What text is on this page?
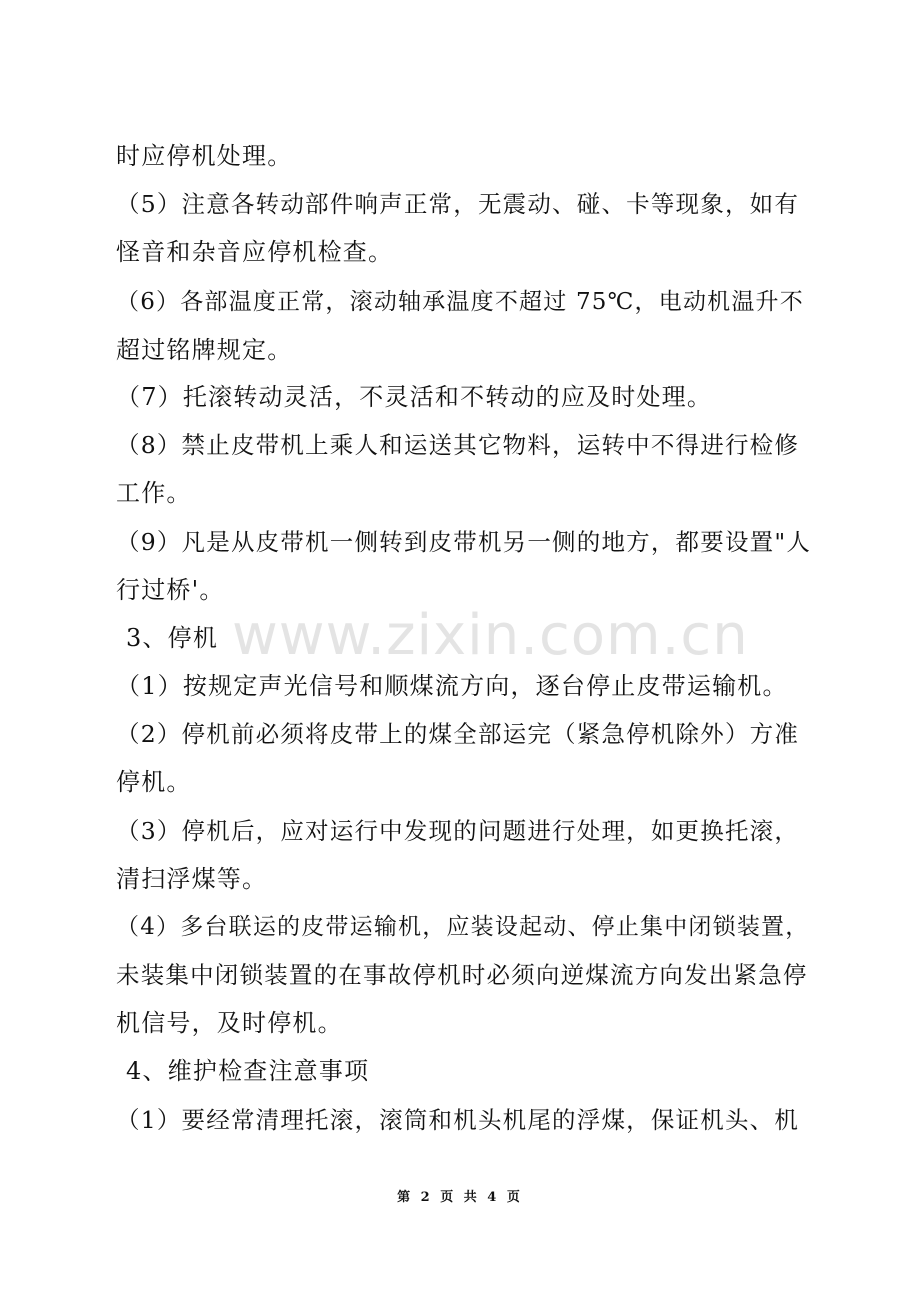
www.zixin.com.cn
时应停机处理。
（5）注意各转动部件响声正常，无震动、碰、卡等现象，如有
怪音和杂音应停机检查。
（6）各部温度正常，滚动轴承温度不超过 75℃，电动机温升不
超过铭牌规定。
（7）托滚转动灵活，不灵活和不转动的应及时处理。
（8）禁止皮带机上乘人和运送其它物料，运转中不得进行检修
工作。
（9）凡是从皮带机一侧转到皮带机另一侧的地方，都要设置"人
行过桥'。
3、停机
（1）按规定声光信号和顺煤流方向，逐台停止皮带运输机。
（2）停机前必须将皮带上的煤全部运完（紧急停机除外）方准
停机。
（3）停机后，应对运行中发现的问题进行处理，如更换托滚，
清扫浮煤等。
（4）多台联运的皮带运输机，应装设起动、停止集中闭锁装置，
未装集中闭锁装置的在事故停机时必须向逆煤流方向发出紧急停
机信号，及时停机。
4、维护检查注意事项
（1）要经常清理托滚，滚筒和机头机尾的浮煤，保证机头、机
第 2 页 共 4 页
